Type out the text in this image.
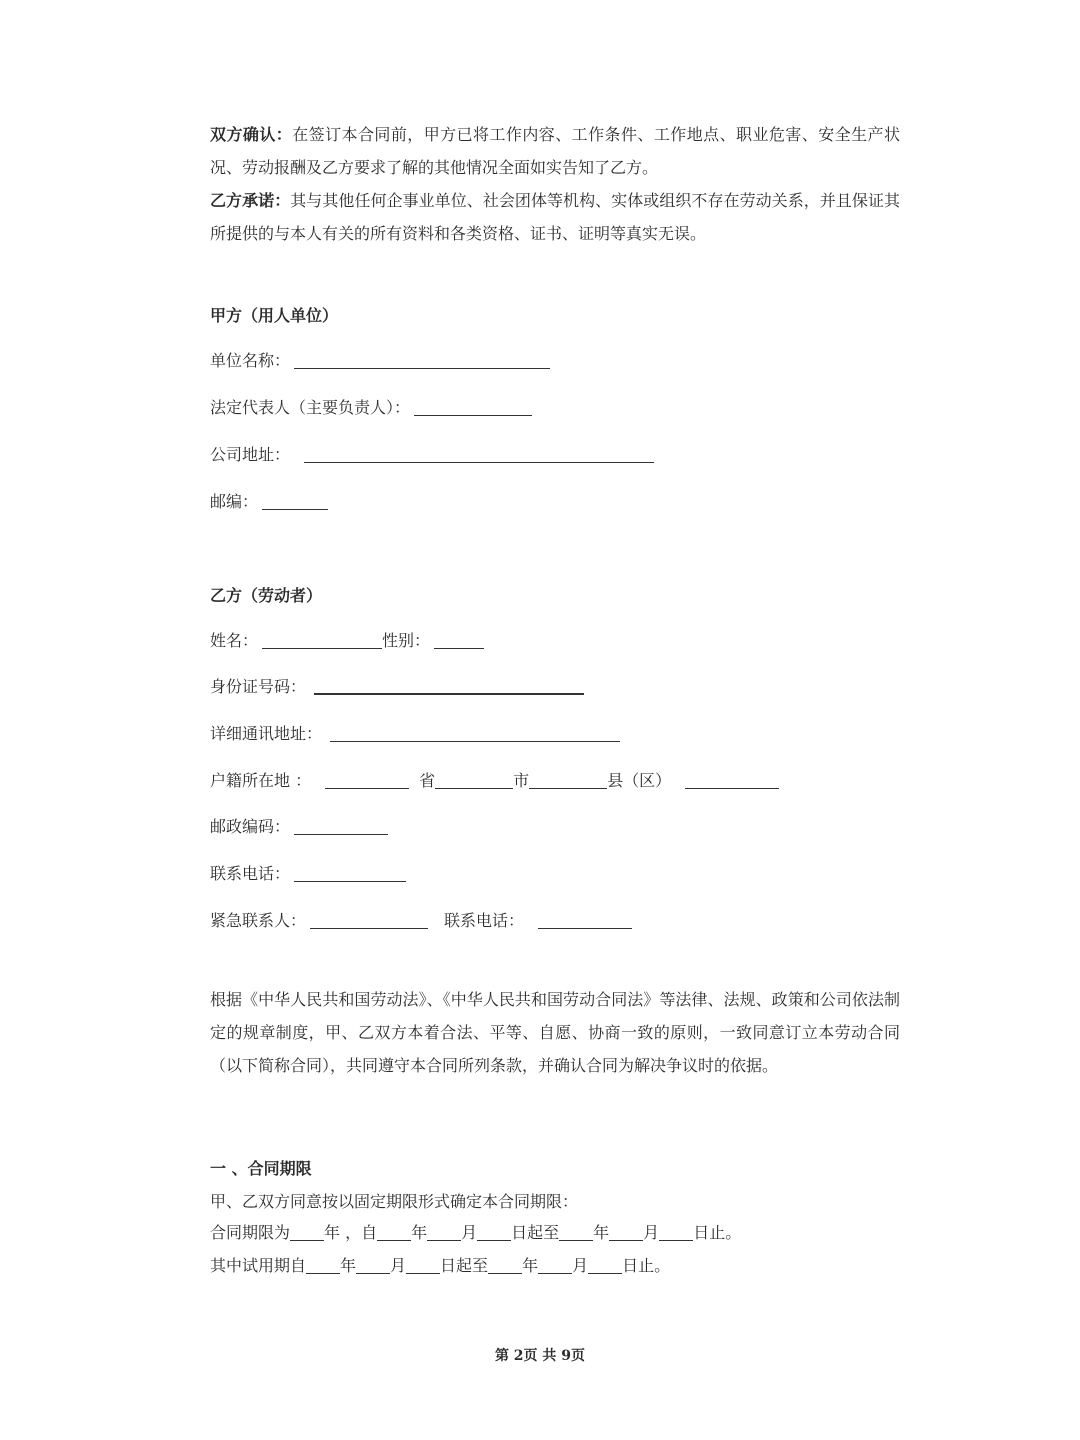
双方确认：在签订本合同前，甲方已将工作内容、工作条件、工作地点、职业危害、安全生产状况、劳动报酬及乙方要求了解的其他情况全面如实告知了乙方。
乙方承诺：其与其他任何企事业单位、社会团体等机构、实体或组织不存在劳动关系，并且保证其所提供的与本人有关的所有资料和各类资格、证书、证明等真实无误。
甲方（用人单位）
单位名称：
法定代表人（主要负责人）：
公司地址：
邮编：
乙方（劳动者）
姓名：	性别：
身份证号码：
详细通讯地址：
户籍所在地 ：	省	市	县（区）
邮政编码：
联系电话：
紧急联系人：	联系电话：
根据《中华人民共和国劳动法》、《中华人民共和国劳动合同法》等法律、法规、政策和公司依法制定的规章制度，甲、乙双方本着合法、平等、自愿、协商一致的原则，一致同意订立本劳动合同（以下简称合同），共同遵守本合同所列条款，并确认合同为解决争议时的依据。
一 、合同期限
甲、乙双方同意按以固定期限形式确定本合同期限：
合同期限为 年 ，自 年 月 日起至 年 月 日止。
其中试用期自 年 月 日起至 年 月 日止。
第 2页 共 9页
